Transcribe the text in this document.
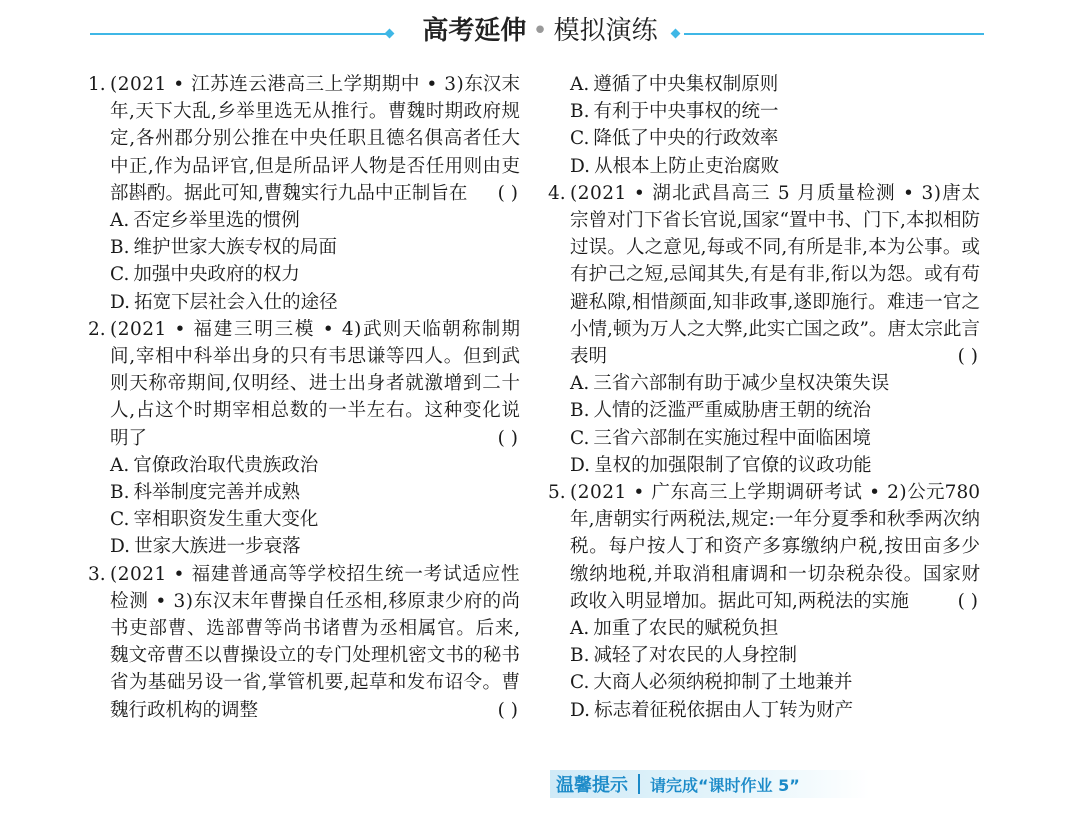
高考延伸 • 模拟演练
1. (2021 • 江苏连云港高三上学期期中 • 3)东汉末年,天下大乱,乡举里选无从推行。曹魏时期政府规定,各州郡分别公推在中央任职且德名俱高者任大中正,作为品评官,但是所品评人物是否任用则由吏部斟酌。据此可知,曹魏实行九品中正制旨在 ( )
A. 否定乡举里选的惯例
B. 维护世家大族专权的局面
C. 加强中央政府的权力
D. 拓宽下层社会入仕的途径
2. (2021 • 福建三明三模 • 4)武则天临朝称制期间,宰相中科举出身的只有韦思谦等四人。但到武则天称帝期间,仅明经、进士出身者就激增到二十人,占这个时期宰相总数的一半左右。这种变化说明了	( )
A. 官僚政治取代贵族政治
B. 科举制度完善并成熟
C. 宰相职资发生重大变化
D. 世家大族进一步衰落
3. (2021 • 福建普通高等学校招生统一考试适应性检测 • 3)东汉末年曹操自任丞相,移原隶少府的尚书吏部曹、选部曹等尚书诸曹为丞相属官。后来,魏文帝曹丕以曹操设立的专门处理机密文书的秘书省为基础另设一省,掌管机要,起草和发布诏令。曹魏行政机构的调整	( )
A. 遵循了中央集权制原则
B. 有利于中央事权的统一
C. 降低了中央的行政效率
D. 从根本上防止吏治腐败
4. (2021 • 湖北武昌高三 5 月质量检测 • 3)唐太宗曾对门下省长官说,国家“置中书、门下,本拟相防过误。人之意见,每或不同,有所是非,本为公事。或有护己之短,忌闻其失,有是有非,衔以为怨。或有苟避私隙,相惜颜面,知非政事,遂即施行。难违一官之小情,顿为万人之大弊,此实亡国之政”。唐太宗此言表明	( )
A. 三省六部制有助于减少皇权决策失误
B. 人情的泛滥严重威胁唐王朝的统治
C. 三省六部制在实施过程中面临困境
D. 皇权的加强限制了官僚的议政功能
5. (2021 • 广东高三上学期调研考试 • 2)公元780年,唐朝实行两税法,规定:一年分夏季和秋季两次纳税。每户按人丁和资产多寡缴纳户税,按田亩多少缴纳地税,并取消租庸调和一切杂税杂役。国家财政收入明显增加。据此可知,两税法的实施	( )
A. 加重了农民的赋税负担
B. 减轻了对农民的人身控制
C. 大商人必须纳税抑制了土地兼并
D. 标志着征税依据由人丁转为财产
温馨提示 请完成“课时作业 5”
